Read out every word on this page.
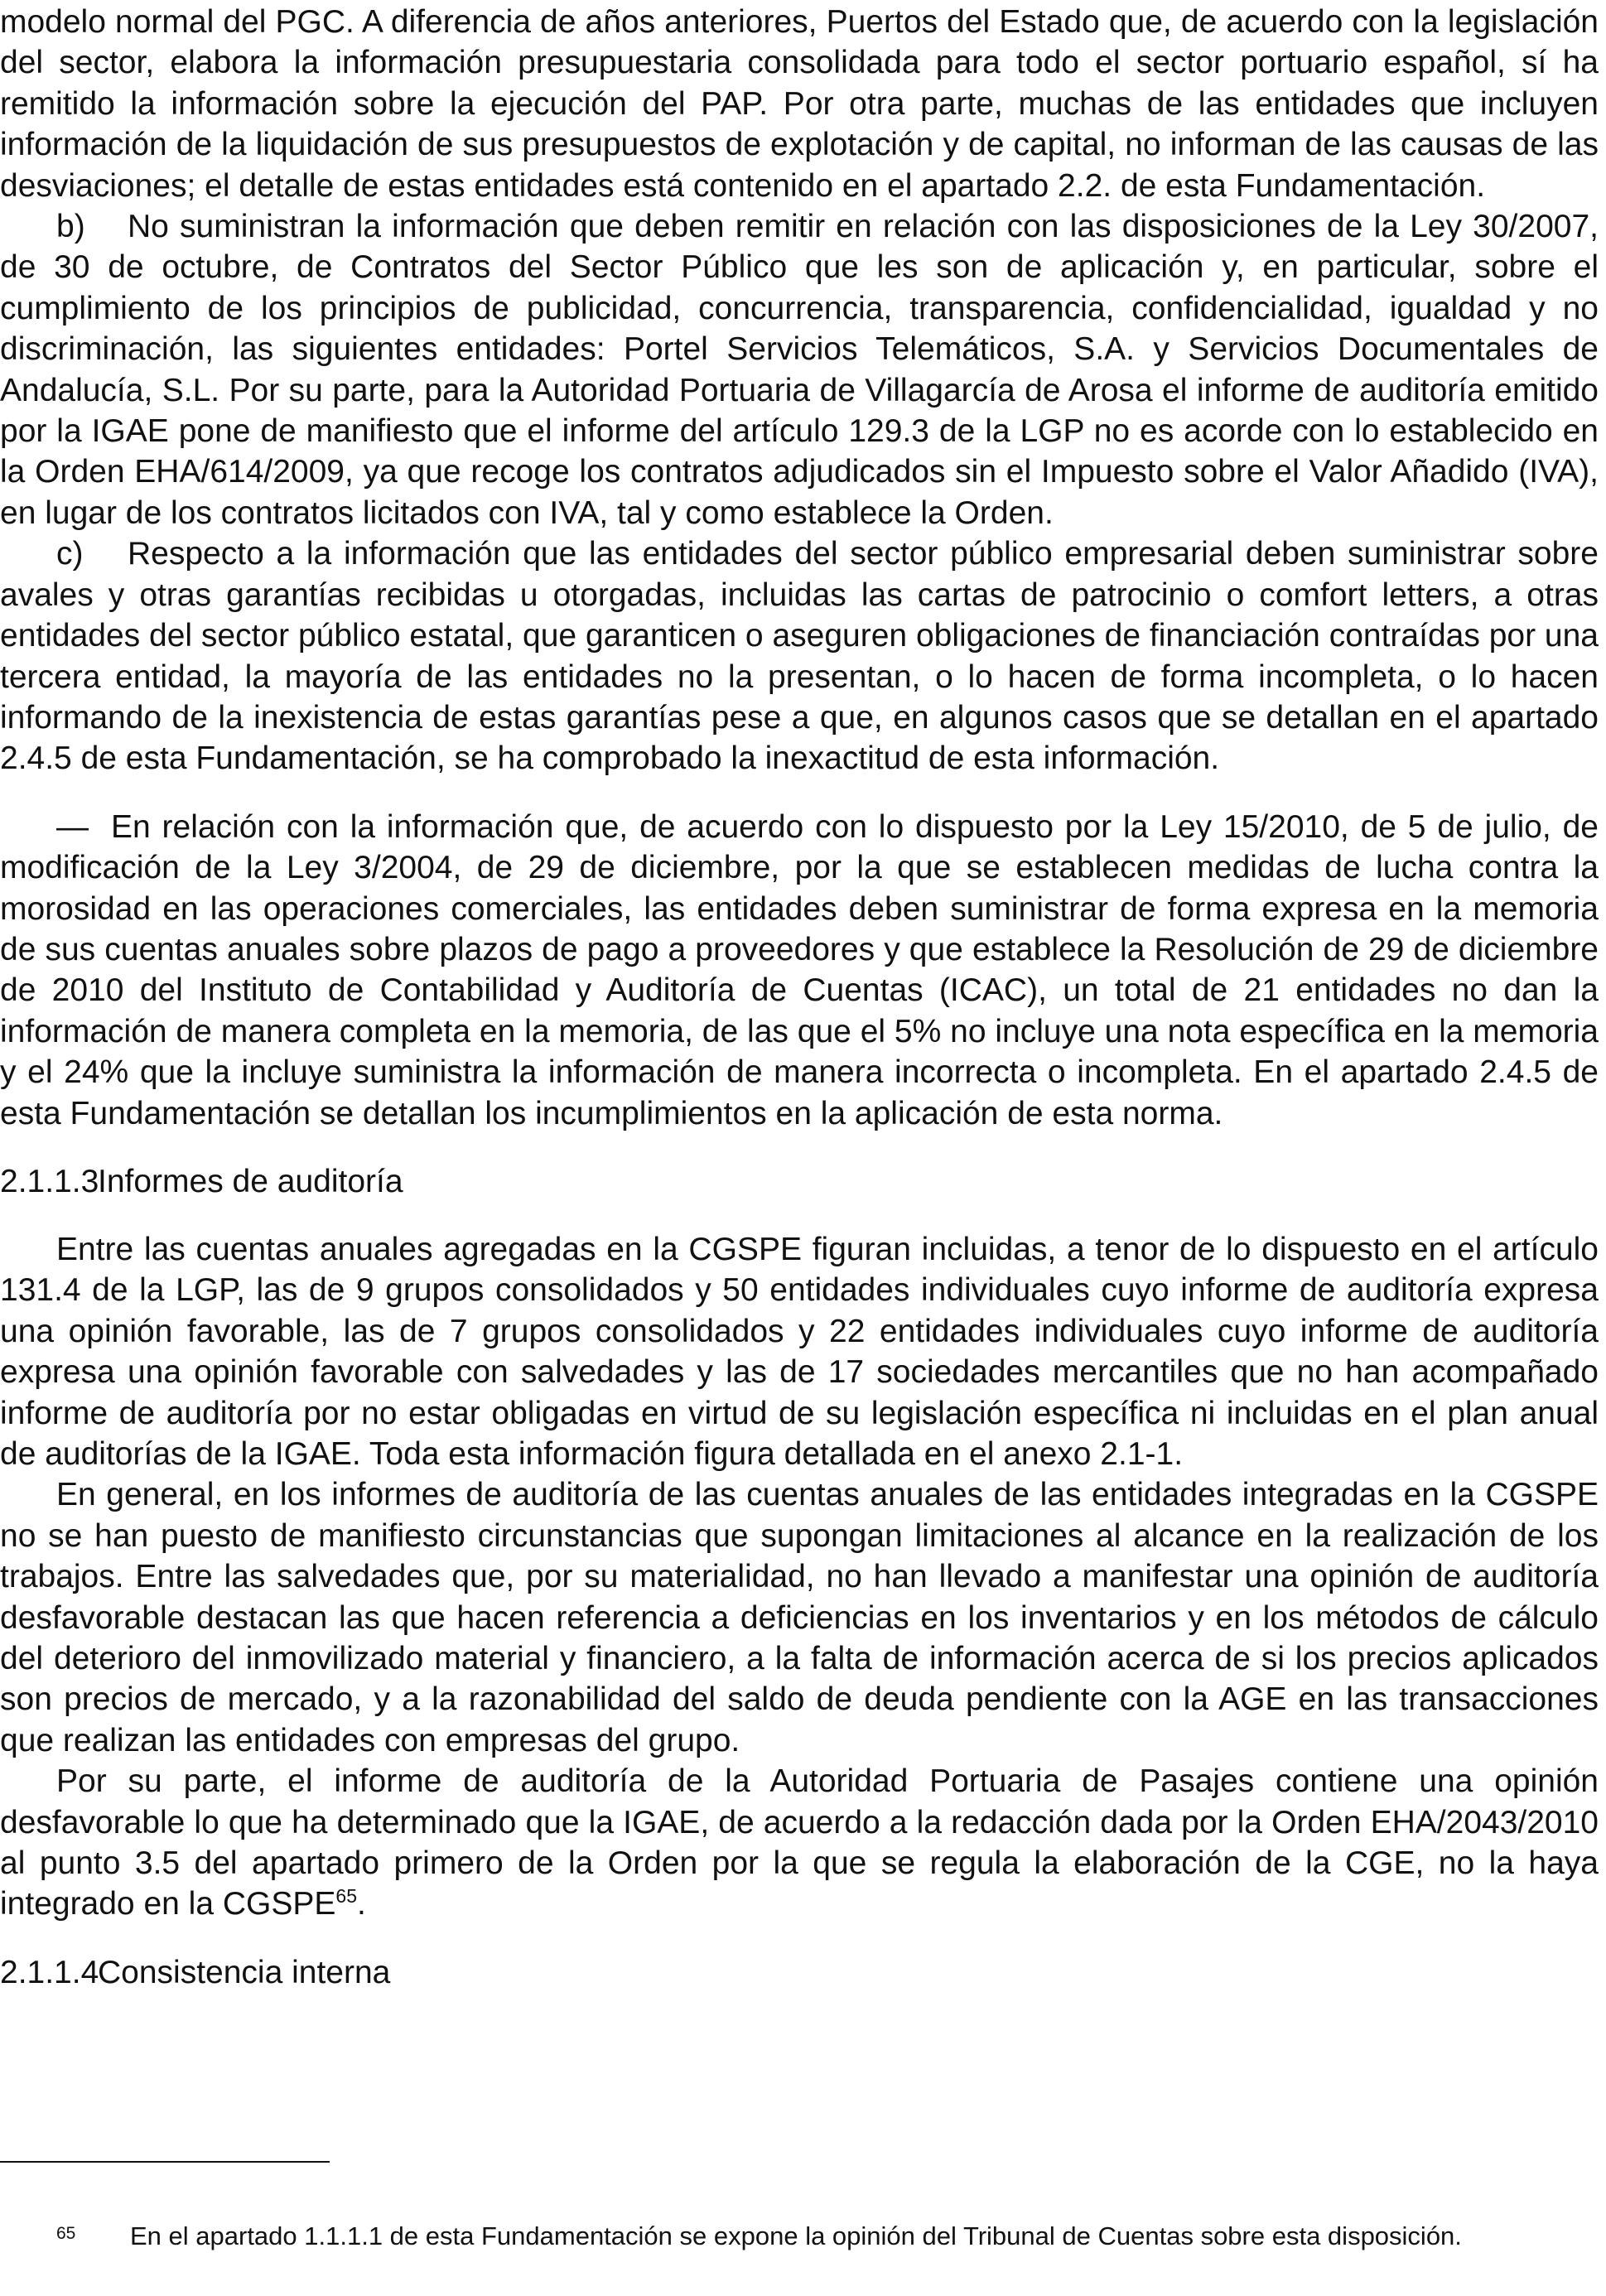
modelo normal del PGC. A diferencia de años anteriores, Puertos del Estado que, de acuerdo con la legislación del sector, elabora la información presupuestaria consolidada para todo el sector portuario español, sí ha remitido la información sobre la ejecución del PAP. Por otra parte, muchas de las entidades que incluyen información de la liquidación de sus presupuestos de explotación y de capital, no informan de las causas de las desviaciones; el detalle de estas entidades está contenido en el apartado 2.2. de esta Fundamentación.

b) No suministran la información que deben remitir en relación con las disposiciones de la Ley 30/2007, de 30 de octubre, de Contratos del Sector Público que les son de aplicación y, en particular, sobre el cumplimiento de los principios de publicidad, concurrencia, transparencia, confidencialidad, igualdad y no discriminación, las siguientes entidades: Portel Servicios Telemáticos, S.A. y Servicios Documentales de Andalucía, S.L. Por su parte, para la Autoridad Portuaria de Villagarcía de Arosa el informe de auditoría emitido por la IGAE pone de manifiesto que el informe del artículo 129.3 de la LGP no es acorde con lo establecido en la Orden EHA/614/2009, ya que recoge los contratos adjudicados sin el Impuesto sobre el Valor Añadido (IVA), en lugar de los contratos licitados con IVA, tal y como establece la Orden.

c) Respecto a la información que las entidades del sector público empresarial deben suministrar sobre avales y otras garantías recibidas u otorgadas, incluidas las cartas de patrocinio o comfort letters, a otras entidades del sector público estatal, que garanticen o aseguren obligaciones de financiación contraídas por una tercera entidad, la mayoría de las entidades no la presentan, o lo hacen de forma incompleta, o lo hacen informando de la inexistencia de estas garantías pese a que, en algunos casos que se detallan en el apartado 2.4.5 de esta Fundamentación, se ha comprobado la inexactitud de esta información.

— En relación con la información que, de acuerdo con lo dispuesto por la Ley 15/2010, de 5 de julio, de modificación de la Ley 3/2004, de 29 de diciembre, por la que se establecen medidas de lucha contra la morosidad en las operaciones comerciales, las entidades deben suministrar de forma expresa en la memoria de sus cuentas anuales sobre plazos de pago a proveedores y que establece la Resolución de 29 de diciembre de 2010 del Instituto de Contabilidad y Auditoría de Cuentas (ICAC), un total de 21 entidades no dan la información de manera completa en la memoria, de las que el 5% no incluye una nota específica en la memoria y el 24% que la incluye suministra la información de manera incorrecta o incompleta. En el apartado 2.4.5 de esta Fundamentación se detallan los incumplimientos en la aplicación de esta norma.

2.1.1.3Informes de auditoría

Entre las cuentas anuales agregadas en la CGSPE figuran incluidas, a tenor de lo dispuesto en el artículo 131.4 de la LGP, las de 9 grupos consolidados y 50 entidades individuales cuyo informe de auditoría expresa una opinión favorable, las de 7 grupos consolidados y 22 entidades individuales cuyo informe de auditoría expresa una opinión favorable con salvedades y las de 17 sociedades mercantiles que no han acompañado informe de auditoría por no estar obligadas en virtud de su legislación específica ni incluidas en el plan anual de auditorías de la IGAE. Toda esta información figura detallada en el anexo 2.1-1.

En general, en los informes de auditoría de las cuentas anuales de las entidades integradas en la CGSPE no se han puesto de manifiesto circunstancias que supongan limitaciones al alcance en la realización de los trabajos. Entre las salvedades que, por su materialidad, no han llevado a manifestar una opinión de auditoría desfavorable destacan las que hacen referencia a deficiencias en los inventarios y en los métodos de cálculo del deterioro del inmovilizado material y financiero, a la falta de información acerca de si los precios aplicados son precios de mercado, y a la razonabilidad del saldo de deuda pendiente con la AGE en las transacciones que realizan las entidades con empresas del grupo.

Por su parte, el informe de auditoría de la Autoridad Portuaria de Pasajes contiene una opinión desfavorable lo que ha determinado que la IGAE, de acuerdo a la redacción dada por la Orden EHA/2043/2010 al punto 3.5 del apartado primero de la Orden por la que se regula la elaboración de la CGE, no la haya integrado en la CGSPE$^{65}$.

2.1.1.4Consistencia interna

65 En el apartado 1.1.1.1 de esta Fundamentación se expone la opinión del Tribunal de Cuentas sobre esta disposición.
